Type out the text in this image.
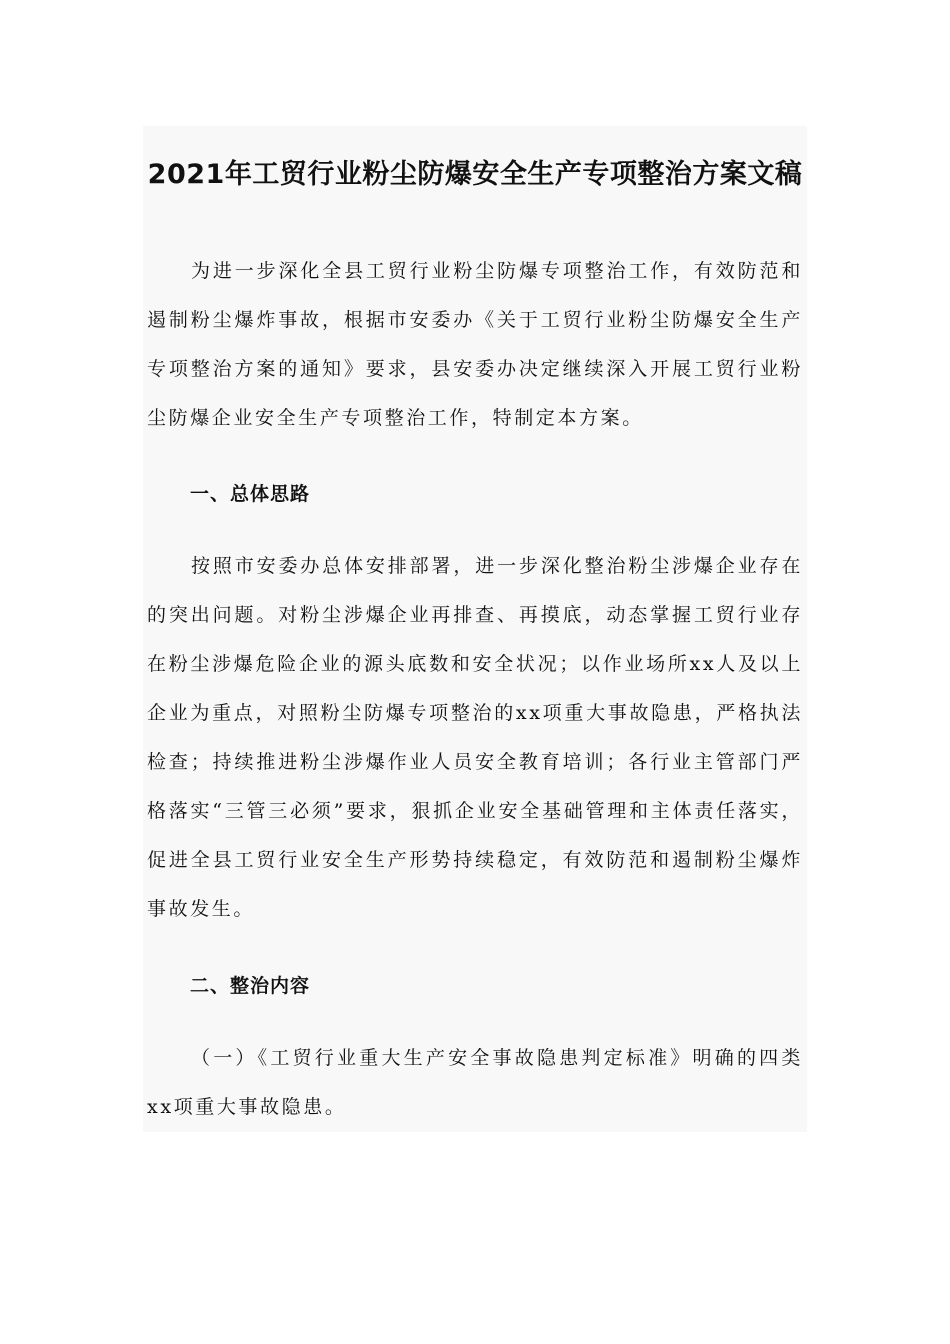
2021年工贸行业粉尘防爆安全生产专项整治方案文稿

为进一步深化全县工贸行业粉尘防爆专项整治工作，有效防范和遏制粉尘爆炸事故，根据市安委办《关于工贸行业粉尘防爆安全生产专项整治方案的通知》要求，县安委办决定继续深入开展工贸行业粉尘防爆企业安全生产专项整治工作，特制定本方案。

一、总体思路

按照市安委办总体安排部署，进一步深化整治粉尘涉爆企业存在的突出问题。对粉尘涉爆企业再排查、再摸底，动态掌握工贸行业存在粉尘涉爆危险企业的源头底数和安全状况；以作业场所xx人及以上企业为重点，对照粉尘防爆专项整治的xx项重大事故隐患，严格执法检查；持续推进粉尘涉爆作业人员安全教育培训；各行业主管部门严格落实“三管三必须”要求，狠抓企业安全基础管理和主体责任落实，促进全县工贸行业安全生产形势持续稳定，有效防范和遏制粉尘爆炸事故发生。

二、整治内容

（一）《工贸行业重大生产安全事故隐患判定标准》明确的四类xx项重大事故隐患。
